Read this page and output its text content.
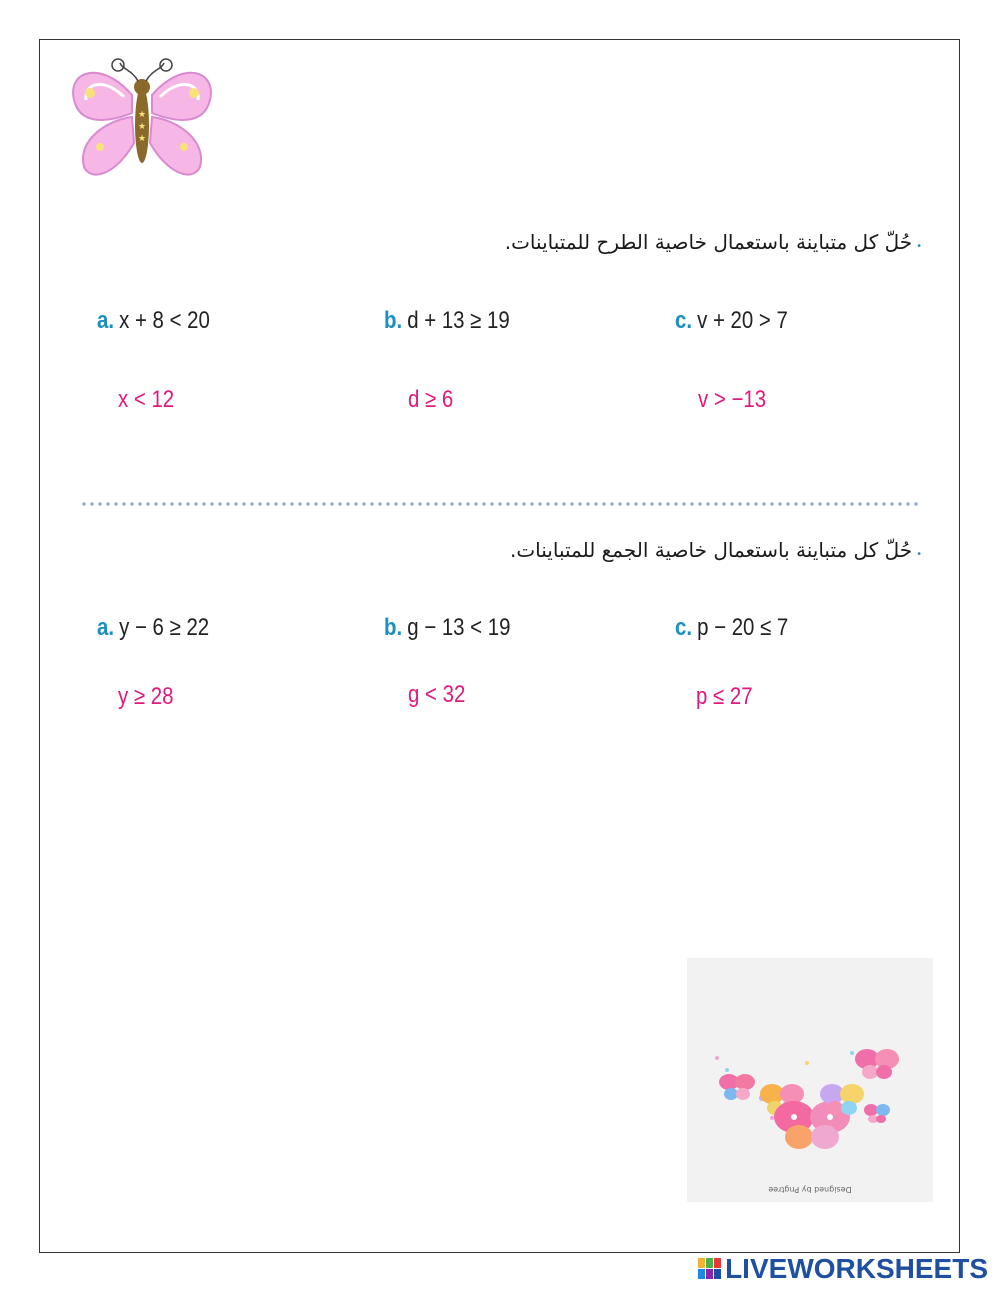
★
★
★
•حُلّ كل متباينة باستعمال خاصية الطرح للمتباينات.
a. x + 8 < 20	b. d + 13 ≥ 19	c. v + 20 > 7
x < 12	d ≥ 6	v > −13
•حُلّ كل متباينة باستعمال خاصية الجمع للمتباينات.
a. y − 6 ≥ 22	b. g − 13 < 19	c. p − 20 ≤ 7
y ≥ 28	g < 32	p ≤ 27
Designed by Pngtree
LIVEWORKSHEETS
